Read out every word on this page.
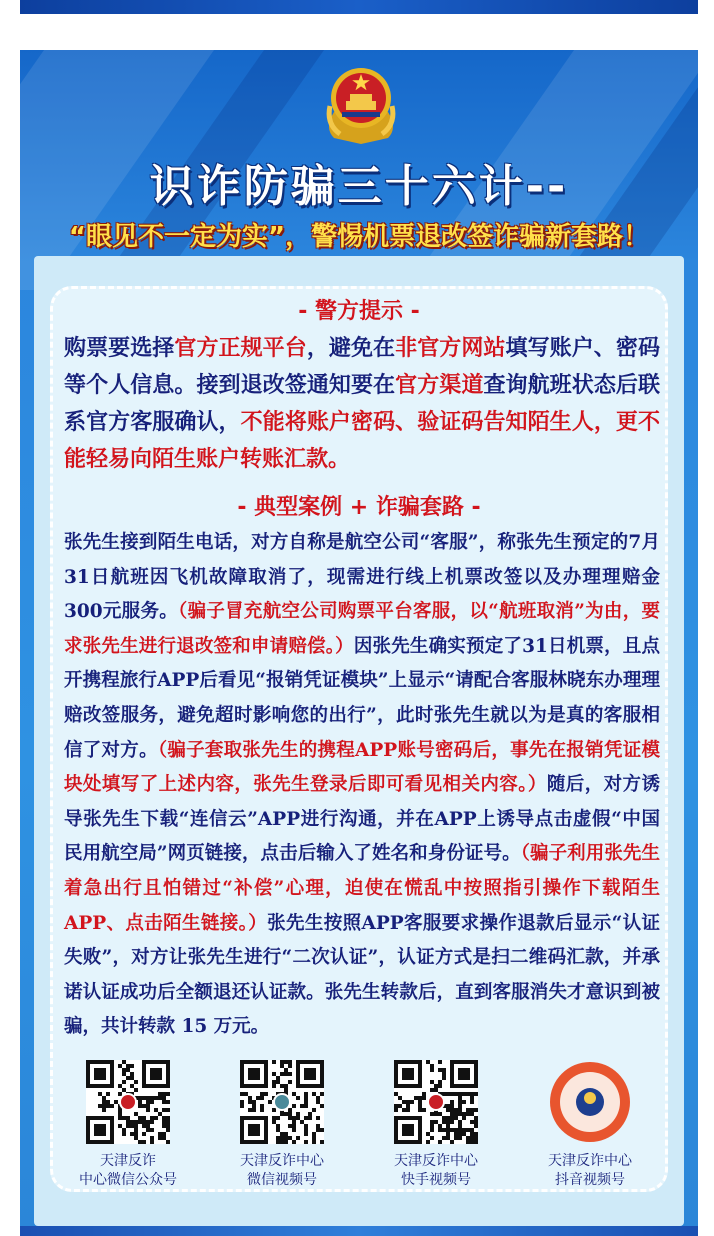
识诈防骗三十六计--
“眼见不一定为实”，警惕机票退改签诈骗新套路！
- 警方提示 -
购票要选择官方正规平台，避免在非官方网站填写账户、密码等个人信息。接到退改签通知要在官方渠道查询航班状态后联系官方客服确认，不能将账户密码、验证码告知陌生人，更不能轻易向陌生账户转账汇款。
- 典型案例 + 诈骗套路 -
张先生接到陌生电话，对方自称是航空公司“客服”，称张先生预定的7月31日航班因飞机故障取消了，现需进行线上机票改签以及办理理赔金300元服务。（骗子冒充航空公司购票平台客服，以“航班取消”为由，要求张先生进行退改签和申请赔偿。）因张先生确实预定了31日机票，且点开携程旅行APP后看见“报销凭证模块”上显示“请配合客服林晓东办理理赔改签服务，避免超时影响您的出行”，此时张先生就以为是真的客服相信了对方。（骗子套取张先生的携程APP账号密码后，事先在报销凭证模块处填写了上述内容，张先生登录后即可看见相关内容。）随后，对方诱导张先生下载“连信云”APP进行沟通，并在APP上诱导点击虚假“中国民用航空局”网页链接，点击后输入了姓名和身份证号。（骗子利用张先生着急出行且怕错过“补偿”心理，迫使在慌乱中按照指引操作下载陌生APP、点击陌生链接。）张先生按照APP客服要求操作退款后显示“认证失败”，对方让张先生进行“二次认证”，认证方式是扫二维码汇款，并承诺认证成功后全额退还认证款。张先生转款后，直到客服消失才意识到被骗，共计转款 15 万元。
天津反诈
中心微信公众号
天津反诈中心
微信视频号
天津反诈中心
快手视频号
天津反诈中心
抖音视频号
